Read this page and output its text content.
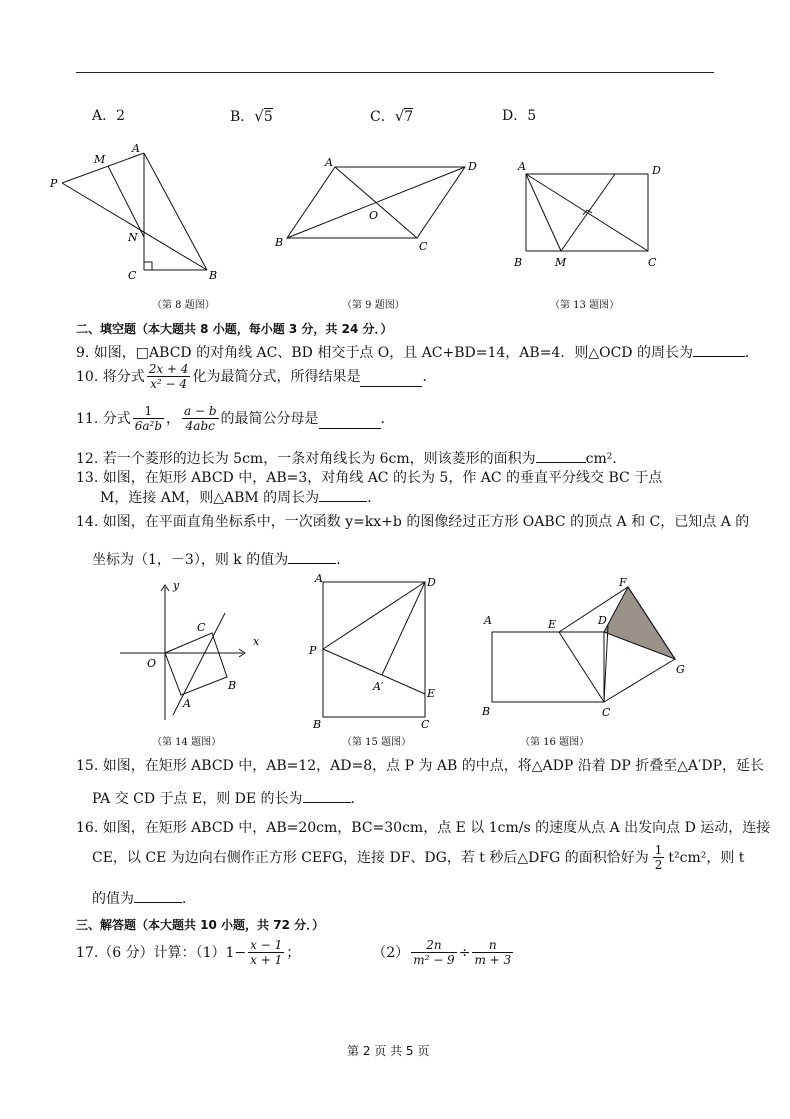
A．2	B．√5	C．√7	D．5
P
M
A
N
C	B
（第 8 题图）
A	D
B	C
O
（第 9 题图）
A	D
B	M	C
（第 13 题图）
二、填空题（本大题共 8 小题，每小题 3 分，共 24 分．）
9. 如图，□ABCD 的对角线 AC、BD 相交于点 O，且 AC+BD=14，AB=4．则△OCD 的周长为	．
10. 将分式 $\frac{2x + 4}{\text{x² − 4}}$ 化为最简分式，所得结果是	．
11. 分式 $\frac{1}{\text{6a²b}}$ ， $\frac{a - b}{\text{4abc}}$ 的最简公分母是	．
12. 若一个菱形的边长为 5cm，一条对角线长为 6cm，则该菱形的面积为	cm²．
13. 如图，在矩形 ABCD 中，AB=3，对角线 AC 的长为 5，作 AC 的垂直平分线交 BC 于点
M，连接 AM，则△ABM 的周长为	．
14. 如图，在平面直角坐标系中，一次函数 y=kx+b 的图像经过正方形 OABC 的顶点 A 和 C，已知点 A 的
坐标为（1，－3），则 k 的值为	．
y
x
O
C
B
A
（第 14 题图）
A	D
P
A′
E
B	C
（第 15 题图）
A	E	D
F
G
B	C
（第 16 题图）
15. 如图，在矩形 ABCD 中，AB=12，AD=8，点 P 为 AB 的中点，将△ADP 沿着 DP 折叠至△A′DP，延长
PA 交 CD 于点 E，则 DE 的长为	．
16. 如图，在矩形 ABCD 中，AB=20cm，BC=30cm，点 E 以 1cm/s 的速度从点 A 出发向点 D 运动，连接
CE，以 CE 为边向右侧作正方形 CEFG，连接 DF、DG，若 t 秒后△DFG 的面积恰好为 $\frac{1}{2} t^2cm^2$，则 t
的值为	．
三、解答题（本大题共 10 小题，共 72 分．）
17.（6 分）计算：$(1)1- \frac{x - 1}{x + 1}$ ；	$(2) \frac{2n}{\text{m² − 9}} \div \frac{n}{m + 3}$
第 2 页 共 5 页
